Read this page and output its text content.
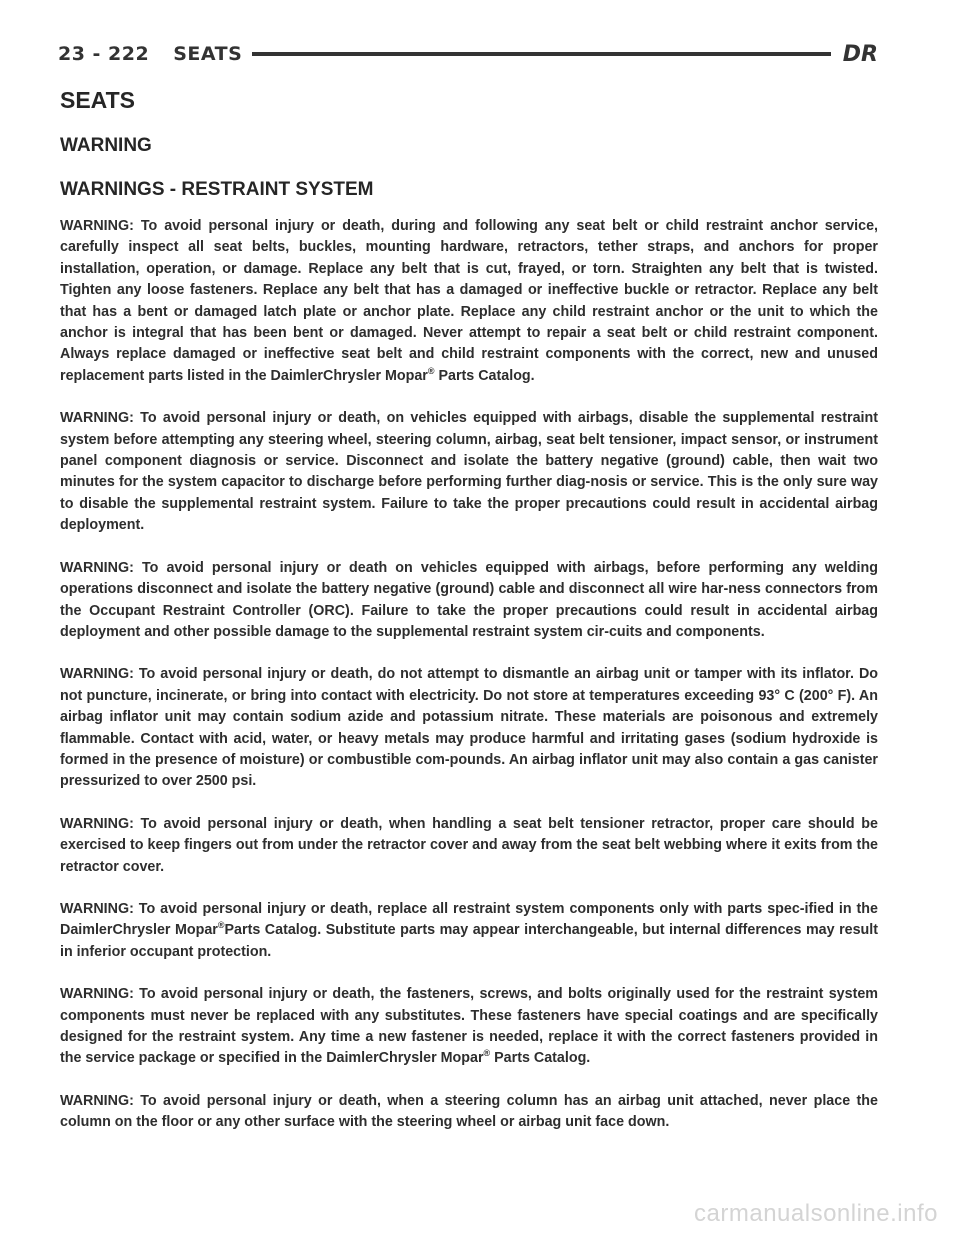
23 - 222 SEATS	DR
SEATS
WARNING
WARNINGS - RESTRAINT SYSTEM

WARNING: To avoid personal injury or death, during and following any seat belt or child restraint anchor service, carefully inspect all seat belts, buckles, mounting hardware, retractors, tether straps, and anchors for proper installation, operation, or damage. Replace any belt that is cut, frayed, or torn. Straighten any belt that is twisted. Tighten any loose fasteners. Replace any belt that has a damaged or ineffective buckle or retractor. Replace any belt that has a bent or damaged latch plate or anchor plate. Replace any child restraint anchor or the unit to which the anchor is integral that has been bent or damaged. Never attempt to repair a seat belt or child restraint component. Always replace damaged or ineffective seat belt and child restraint components with the correct, new and unused replacement parts listed in the DaimlerChrysler Mopar® Parts Catalog.

WARNING: To avoid personal injury or death, on vehicles equipped with airbags, disable the supplemental restraint system before attempting any steering wheel, steering column, airbag, seat belt tensioner, impact sensor, or instrument panel component diagnosis or service. Disconnect and isolate the battery negative (ground) cable, then wait two minutes for the system capacitor to discharge before performing further diag-nosis or service. This is the only sure way to disable the supplemental restraint system. Failure to take the proper precautions could result in accidental airbag deployment.

WARNING: To avoid personal injury or death on vehicles equipped with airbags, before performing any welding operations disconnect and isolate the battery negative (ground) cable and disconnect all wire har-ness connectors from the Occupant Restraint Controller (ORC). Failure to take the proper precautions could result in accidental airbag deployment and other possible damage to the supplemental restraint system cir-cuits and components.

WARNING: To avoid personal injury or death, do not attempt to dismantle an airbag unit or tamper with its inflator. Do not puncture, incinerate, or bring into contact with electricity. Do not store at temperatures exceeding 93° C (200° F). An airbag inflator unit may contain sodium azide and potassium nitrate. These materials are poisonous and extremely flammable. Contact with acid, water, or heavy metals may produce harmful and irritating gases (sodium hydroxide is formed in the presence of moisture) or combustible com-pounds. An airbag inflator unit may also contain a gas canister pressurized to over 2500 psi.

WARNING: To avoid personal injury or death, when handling a seat belt tensioner retractor, proper care should be exercised to keep fingers out from under the retractor cover and away from the seat belt webbing where it exits from the retractor cover.

WARNING: To avoid personal injury or death, replace all restraint system components only with parts spec-ified in the DaimlerChrysler Mopar®Parts Catalog. Substitute parts may appear interchangeable, but internal differences may result in inferior occupant protection.

WARNING: To avoid personal injury or death, the fasteners, screws, and bolts originally used for the restraint system components must never be replaced with any substitutes. These fasteners have special coatings and are specifically designed for the restraint system. Any time a new fastener is needed, replace it with the correct fasteners provided in the service package or specified in the DaimlerChrysler Mopar® Parts Catalog.

WARNING: To avoid personal injury or death, when a steering column has an airbag unit attached, never place the column on the floor or any other surface with the steering wheel or airbag unit face down.

carmanualsonline.info
